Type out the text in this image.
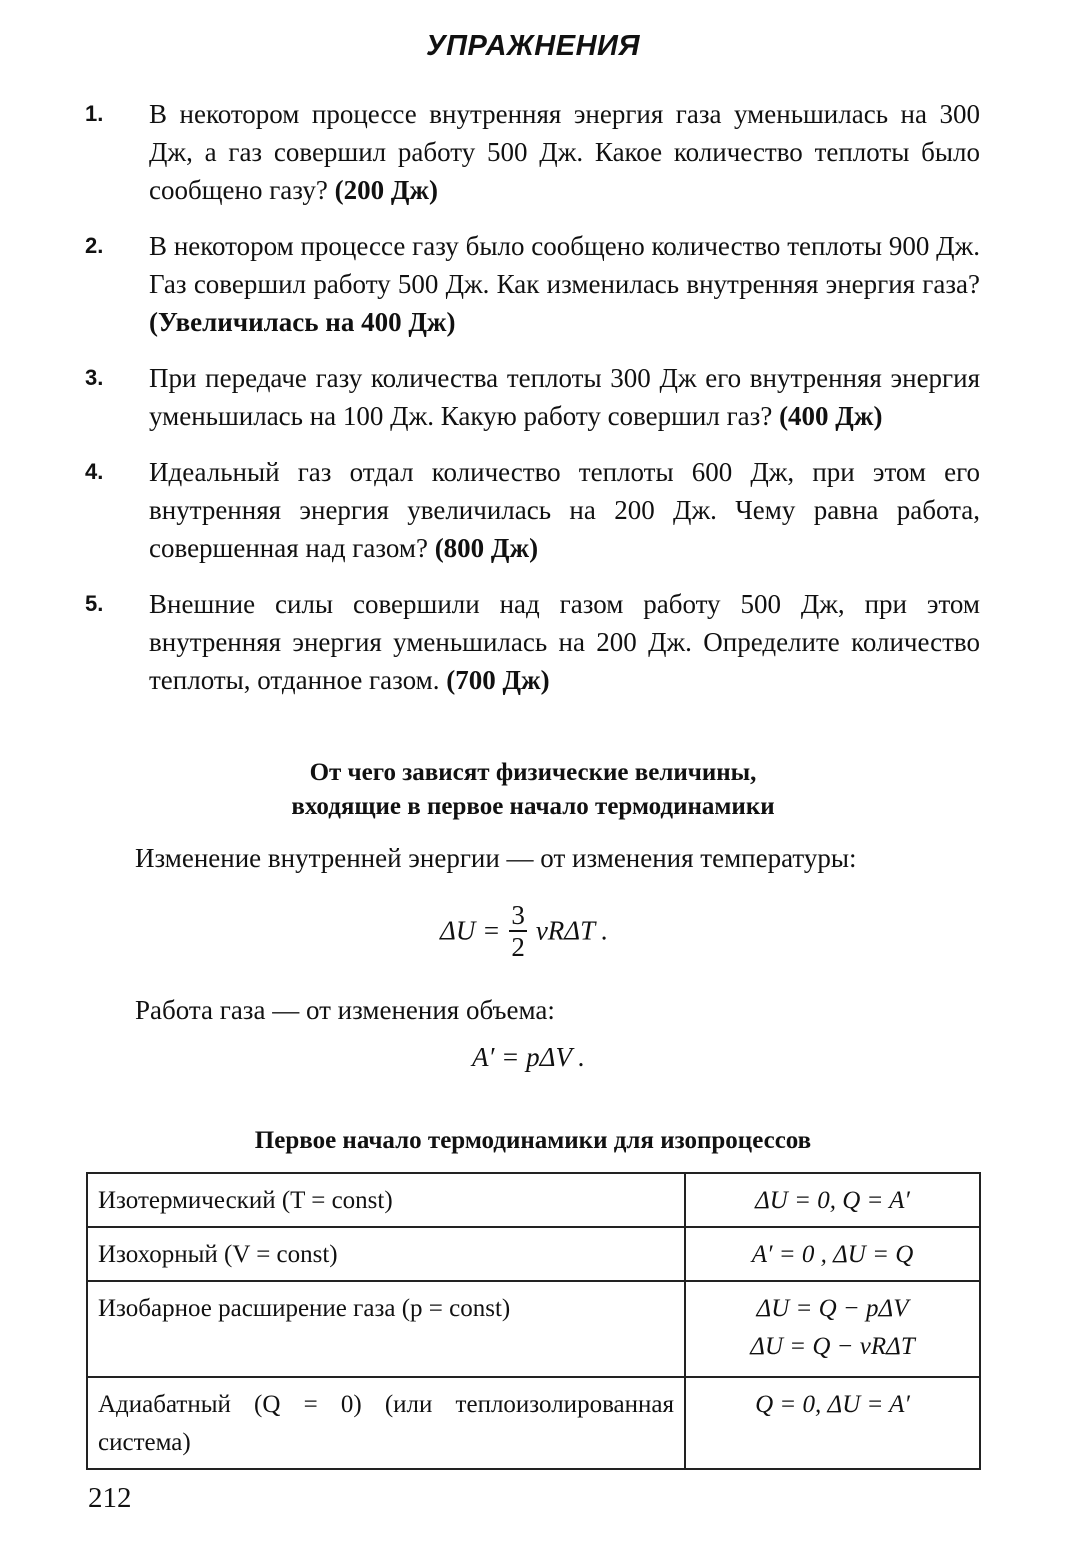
УПРАЖНЕНИЯ
1.	В некотором процессе внутренняя энергия газа уменьшилась на 300 Дж, а газ совершил работу 500 Дж. Какое количество теплоты было сообщено газу? (200 Дж)
2.	В некотором процессе газу было сообщено количество теплоты 900 Дж. Газ совершил работу 500 Дж. Как изменилась внутренняя энергия газа? (Увеличилась на 400 Дж)
3.	При передаче газу количества теплоты 300 Дж его внутренняя энергия уменьшилась на 100 Дж. Какую работу совершил газ? (400 Дж)
4.	Идеальный газ отдал количество теплоты 600 Дж, при этом его внутренняя энергия увеличилась на 200 Дж. Чему равна работа, совершенная над газом? (800 Дж)
5.	Внешние силы совершили над газом работу 500 Дж, при этом внутренняя энергия уменьшилась на 200 Дж. Определите количество теплоты, отданное газом. (700 Дж)
От чего зависят физические величины,
входящие в первое начало термодинамики
Изменение внутренней энергии — от изменения температуры:
$\Delta U = \frac{3}{2}$ νRΔT .
Работа газа — от изменения объема:
A′ = pΔV .
Первое начало термодинамики для изопроцессов
Изотермический (T = const)	ΔU = 0, Q = A′

Изохорный (V = const)	A′ = 0 , ΔU = Q

Изобарное расширение газа (p = const)	ΔU = Q − pΔV
ΔU = Q − νRΔT

Адиабатный (Q = 0) (или теплоизолированная система)	Q = 0, ΔU = A′
212
